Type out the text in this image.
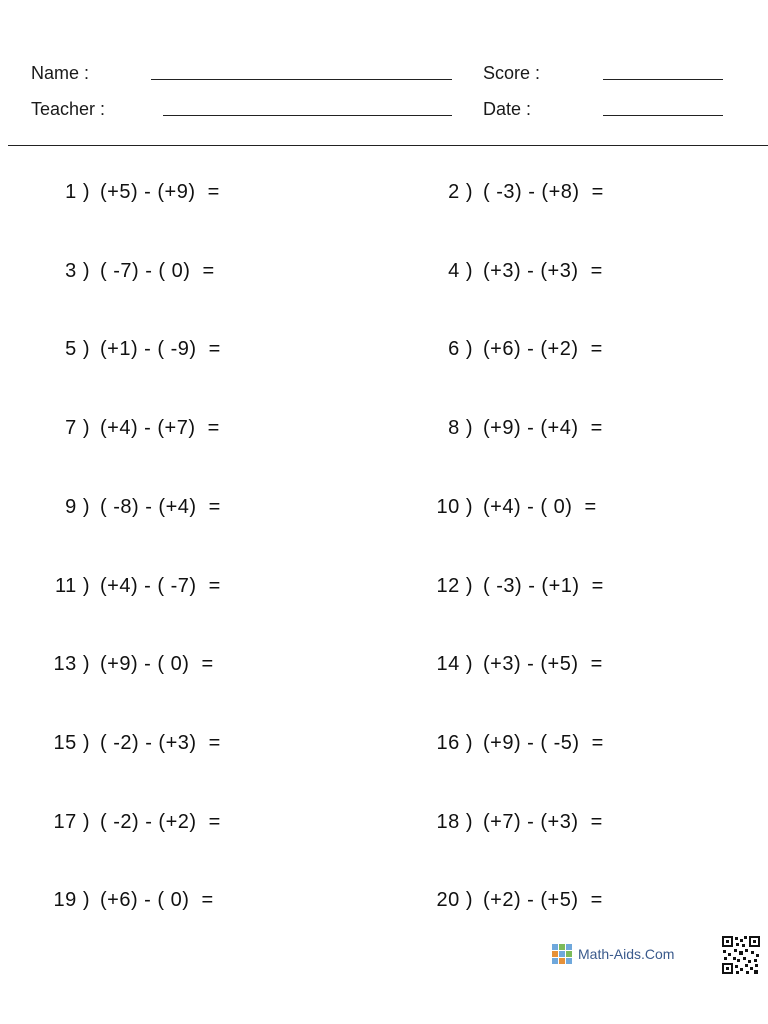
Name :
Teacher :
Score :
Date :
1 ) (+5) - (+9)  =	2 ) ( -3) - (+8)  =
3 ) ( -7) - ( 0)  =	4 ) (+3) - (+3)  =
5 ) (+1) - ( -9)  =	6 ) (+6) - (+2)  =
7 ) (+4) - (+7)  =	8 ) (+9) - (+4)  =
9 ) ( -8) - (+4)  =	10 ) (+4) - ( 0)  =
11 ) (+4) - ( -7)  =	12 ) ( -3) - (+1)  =
13 ) (+9) - ( 0)  =	14 ) (+3) - (+5)  =
15 ) ( -2) - (+3)  =	16 ) (+9) - ( -5)  =
17 ) ( -2) - (+2)  =	18 ) (+7) - (+3)  =
19 ) (+6) - ( 0)  =	20 ) (+2) - (+5)  =
Math-Aids.Com
